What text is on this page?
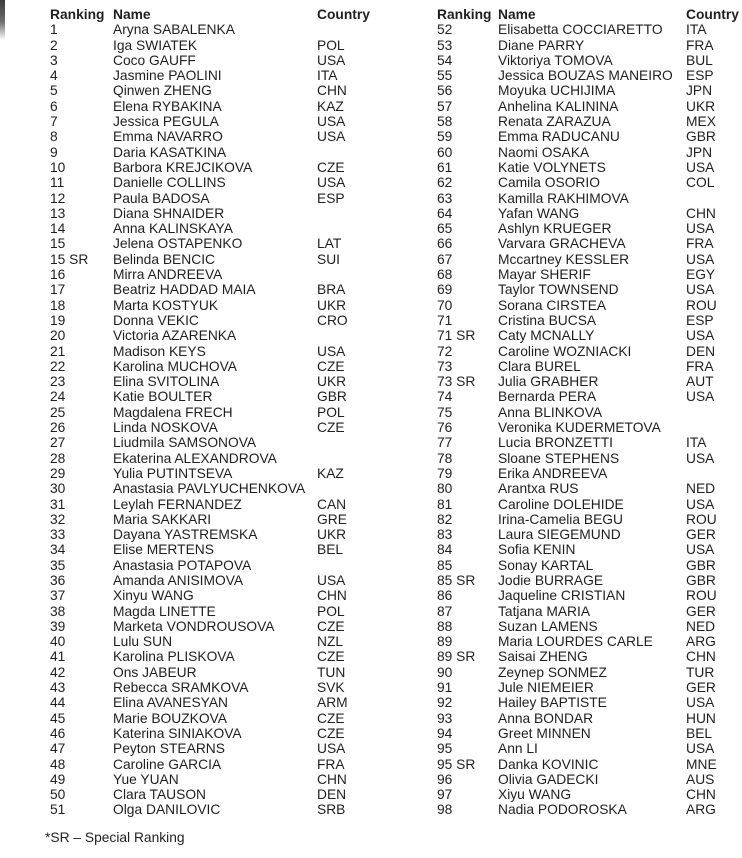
Ranking Name	Country
1	Aryna SABALENKA
2	Iga SWIATEK	POL
3	Coco GAUFF	USA
4	Jasmine PAOLINI	ITA
5	Qinwen ZHENG	CHN
6	Elena RYBAKINA	KAZ
7	Jessica PEGULA	USA
8	Emma NAVARRO	USA
9	Daria KASATKINA
10	Barbora KREJCIKOVA	CZE
11	Danielle COLLINS	USA
12	Paula BADOSA	ESP
13	Diana SHNAIDER
14	Anna KALINSKAYA
15	Jelena OSTAPENKO	LAT
15 SR	Belinda BENCIC	SUI
16	Mirra ANDREEVA
17	Beatriz HADDAD MAIA	BRA
18	Marta KOSTYUK	UKR
19	Donna VEKIC	CRO
20	Victoria AZARENKA
21	Madison KEYS	USA
22	Karolina MUCHOVA	CZE
23	Elina SVITOLINA	UKR
24	Katie BOULTER	GBR
25	Magdalena FRECH	POL
26	Linda NOSKOVA	CZE
27	Liudmila SAMSONOVA
28	Ekaterina ALEXANDROVA
29	Yulia PUTINTSEVA	KAZ
30	Anastasia PAVLYUCHENKOVA
31	Leylah FERNANDEZ	CAN
32	Maria SAKKARI	GRE
33	Dayana YASTREMSKA	UKR
34	Elise MERTENS	BEL
35	Anastasia POTAPOVA
36	Amanda ANISIMOVA	USA
37	Xinyu WANG	CHN
38	Magda LINETTE	POL
39	Marketa VONDROUSOVA	CZE
40	Lulu SUN	NZL
41	Karolina PLISKOVA	CZE
42	Ons JABEUR	TUN
43	Rebecca SRAMKOVA	SVK
44	Elina AVANESYAN	ARM
45	Marie BOUZKOVA	CZE
46	Katerina SINIAKOVA	CZE
47	Peyton STEARNS	USA
48	Caroline GARCIA	FRA
49	Yue YUAN	CHN
50	Clara TAUSON	DEN
51	Olga DANILOVIC	SRB
Ranking Name	Country
52	Elisabetta COCCIARETTO	ITA
53	Diane PARRY	FRA
54	Viktoriya TOMOVA	BUL
55	Jessica BOUZAS MANEIRO ESP
56	Moyuka UCHIJIMA	JPN
57	Anhelina KALININA	UKR
58	Renata ZARAZUA	MEX
59	Emma RADUCANU	GBR
60	Naomi OSAKA	JPN
61	Katie VOLYNETS	USA
62	Camila OSORIO	COL
63	Kamilla RAKHIMOVA
64	Yafan WANG	CHN
65	Ashlyn KRUEGER	USA
66	Varvara GRACHEVA	FRA
67	Mccartney KESSLER	USA
68	Mayar SHERIF	EGY
69	Taylor TOWNSEND	USA
70	Sorana CIRSTEA	ROU
71	Cristina BUCSA	ESP
71 SR	Caty MCNALLY	USA
72	Caroline WOZNIACKI	DEN
73	Clara BUREL	FRA
73 SR	Julia GRABHER	AUT
74	Bernarda PERA	USA
75	Anna BLINKOVA
76	Veronika KUDERMETOVA
77	Lucia BRONZETTI	ITA
78	Sloane STEPHENS	USA
79	Erika ANDREEVA
80	Arantxa RUS	NED
81	Caroline DOLEHIDE	USA
82	Irina-Camelia BEGU	ROU
83	Laura SIEGEMUND	GER
84	Sofia KENIN	USA
85	Sonay KARTAL	GBR
85 SR	Jodie BURRAGE	GBR
86	Jaqueline CRISTIAN	ROU
87	Tatjana MARIA	GER
88	Suzan LAMENS	NED
89	Maria LOURDES CARLE	ARG
89 SR	Saisai ZHENG	CHN
90	Zeynep SONMEZ	TUR
91	Jule NIEMEIER	GER
92	Hailey BAPTISTE	USA
93	Anna BONDAR	HUN
94	Greet MINNEN	BEL
95	Ann LI	USA
95 SR	Danka KOVINIC	MNE
96	Olivia GADECKI	AUS
97	Xiyu WANG	CHN
98	Nadia PODOROSKA	ARG
*SR – Special Ranking
